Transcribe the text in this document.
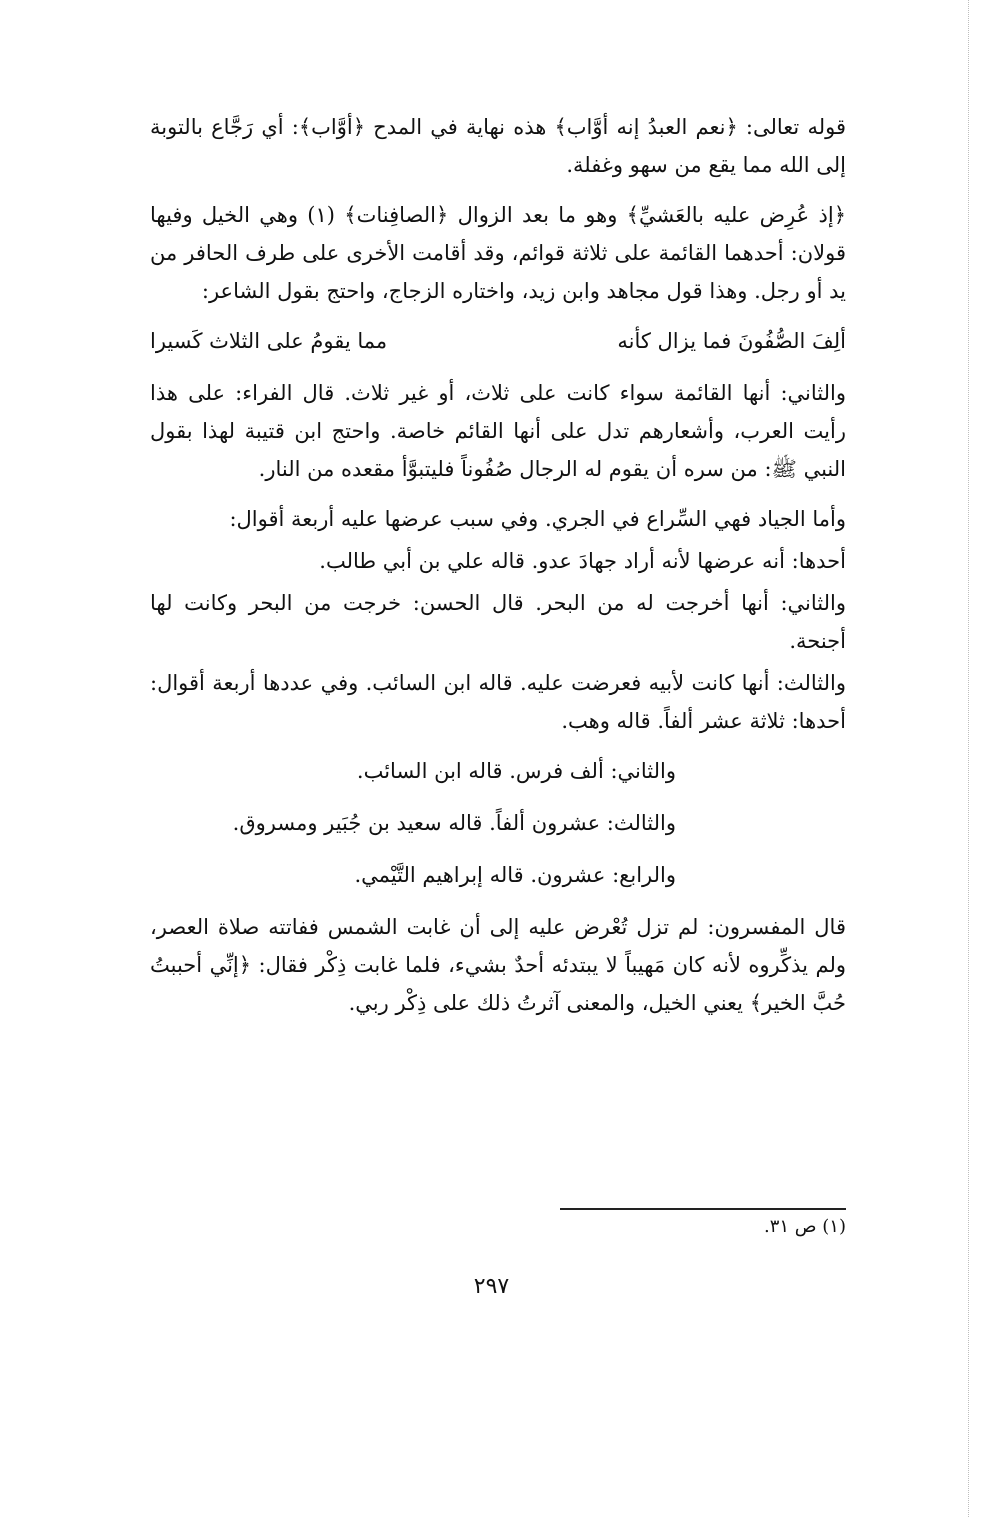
قوله تعالى: ﴿نعم العبدُ إنه أوَّاب﴾ هذه نهاية في المدح ﴿أوَّاب﴾: أي رَجَّاع بالتوبة إلى الله مما يقع من سهو وغفلة.

﴿إذ عُرِض عليه بالعَشيِّ﴾ وهو ما بعد الزوال ﴿الصافِنات﴾ (١) وهي الخيل وفيها قولان: أحدهما القائمة على ثلاثة قوائم، وقد أقامت الأخرى على طرف الحافر من يد أو رجل. وهذا قول مجاهد وابن زيد، واختاره الزجاج، واحتج بقول الشاعر:

ألِفَ الصُّفُونَ فما يزال كأنه  مما يقومُ على الثلاث كَسيرا

والثاني: أنها القائمة سواء كانت على ثلاث، أو غير ثلاث. قال الفراء: على هذا رأيت العرب، وأشعارهم تدل على أنها القائم خاصة. واحتج ابن قتيبة لهذا بقول النبي ﷺ: من سره أن يقوم له الرجال صُفُوناً فليتبوَّأ مقعده من النار.

وأما الجياد فهي السِّراع في الجري. وفي سبب عرضها عليه أربعة أقوال:

أحدها: أنه عرضها لأنه أراد جهادَ عدو. قاله علي بن أبي طالب.

والثاني: أنها أخرجت له من البحر. قال الحسن: خرجت من البحر وكانت لها أجنحة.

والثالث: أنها كانت لأبيه فعرضت عليه. قاله ابن السائب. وفي عددها أربعة أقوال: أحدها: ثلاثة عشر ألفاً. قاله وهب.

والثاني: ألف فرس. قاله ابن السائب.

والثالث: عشرون ألفاً. قاله سعيد بن جُبَير ومسروق.

والرابع: عشرون. قاله إبراهيم التَّيْمي.

قال المفسرون: لم تزل تُعْرض عليه إلى أن غابت الشمس ففاتته صلاة العصر، ولم يذكِّروه لأنه كان مَهيباً لا يبتدئه أحدٌ بشيء، فلما غابت ذِكْر فقال: ﴿إنِّي أحببتُ حُبَّ الخير﴾ يعني الخيل، والمعنى آثرتُ ذلك على ذِكْر ربي.

(١) ص ٣١.
٢٩٧
